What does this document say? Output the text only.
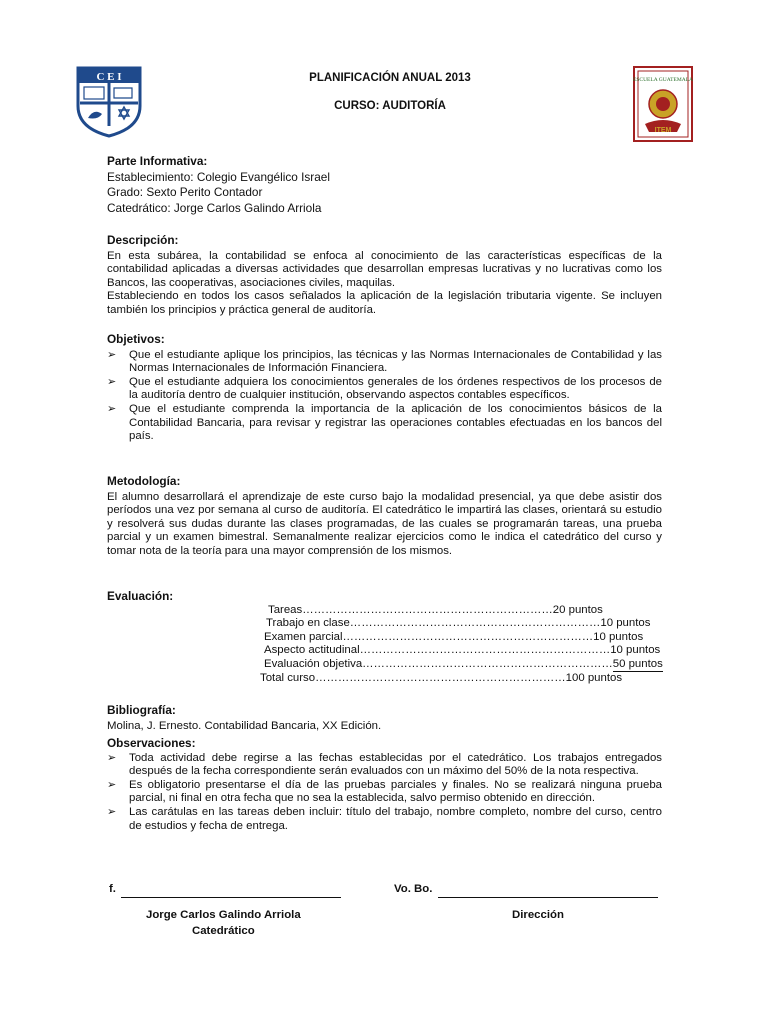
C E I	ESCUELA GUATEMALA
ITEM
PLANIFICACIÓN ANUAL 2013
CURSO: AUDITORÍA

Parte Informativa:

Establecimiento: Colegio Evangélico Israel

Grado: Sexto Perito Contador

Catedrático: Jorge Carlos Galindo Arriola

Descripción:

En esta subárea, la contabilidad se enfoca al conocimiento de las características específicas de la contabilidad aplicadas a diversas actividades que desarrollan empresas lucrativas y no lucrativas como los Bancos, las cooperativas, asociaciones civiles, maquilas.

Estableciendo en todos los casos señalados la aplicación de la legislación tributaria vigente. Se incluyen también los principios y práctica general de auditoría.

Objetivos:

➢ Que el estudiante aplique los principios, las técnicas y las Normas Internacionales de Contabilidad y las Normas Internacionales de Información Financiera.
➢ Que el estudiante adquiera los conocimientos generales de los órdenes respectivos de los procesos de la auditoría dentro de cualquier institución, observando aspectos contables específicos.
➢ Que el estudiante comprenda la importancia de la aplicación de los conocimientos básicos de la Contabilidad Bancaria, para revisar y registrar las operaciones contables efectuadas en los bancos del país.

Metodología:

El alumno desarrollará el aprendizaje de este curso bajo la modalidad presencial, ya que debe asistir dos períodos una vez por semana al curso de auditoría. El catedrático le impartirá las clases, orientará su estudio y resolverá sus dudas durante las clases programadas, de las cuales se programarán tareas, una prueba parcial y un examen bimestral. Semanalmente realizar ejercicios como le indica el catedrático del curso y tomar nota de la teoría para una mayor comprensión de los mismos.

Evaluación:

Tareas ………………………………………………………… 20 puntos
Trabajo en clase ………………………………………………………… 10 puntos
Examen parcial ………………………………………………………… 10 puntos
Aspecto actitudinal ………………………………………………………… 10 puntos
Evaluación objetiva ………………………………………………………… 50 puntos
Total curso ………………………………………………………… 100 puntos

Bibliografía:

Molina, J. Ernesto. Contabilidad Bancaria, XX Edición.

Observaciones:

➢ Toda actividad debe regirse a las fechas establecidas por el catedrático. Los trabajos entregados después de la fecha correspondiente serán evaluados con un máximo del 50% de la nota respectiva.
➢ Es obligatorio presentarse el día de las pruebas parciales y finales. No se realizará ninguna prueba parcial, ni final en otra fecha que no sea la establecida, salvo permiso obtenido en dirección.
➢ Las carátulas en las tareas deben incluir: título del trabajo, nombre completo, nombre del curso, centro de estudios y fecha de entrega.
f.	Vo. Bo.
Jorge Carlos Galindo Arriola
Catedrático
Dirección
